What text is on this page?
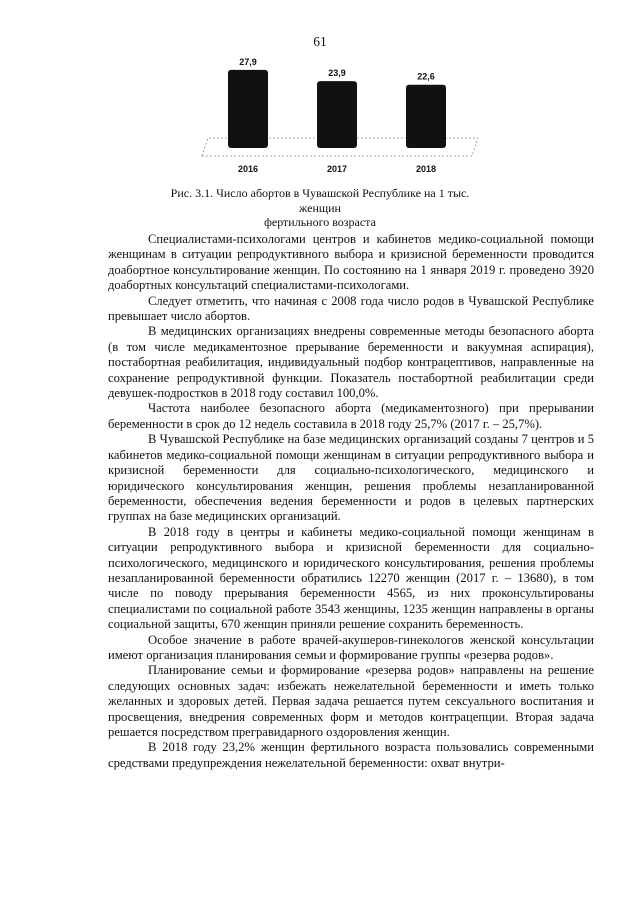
61
27,9
23,9	22,6
2016	2017	2018
Рис. 3.1. Число абортов в Чувашской Республике на 1 тыс. женщин
фертильного возраста

Специалистами-психологами центров и кабинетов медико-социальной помощи женщинам в ситуации репродуктивного выбора и кризисной беременности проводится доабортное консультирование женщин. По состоянию на 1 января 2019 г. проведено 3920 доабортных консультаций специалистами-психологами.

Следует отметить, что начиная с 2008 года число родов в Чувашской Республике превышает число абортов.

В медицинских организациях внедрены современные методы безопасного аборта (в том числе медикаментозное прерывание беременности и вакуумная аспирация), постабортная реабилитация, индивидуальный подбор контрацептивов, направленные на сохранение репродуктивной функции. Показатель постабортной реабилитации среди девушек-подростков в 2018 году составил 100,0%.

Частота наиболее безопасного аборта (медикаментозного) при прерывании беременности в срок до 12 недель составила в 2018 году 25,7% (2017 г. – 25,7%).

В Чувашской Республике на базе медицинских организаций созданы 7 центров и 5 кабинетов медико-социальной помощи женщинам в ситуации репродуктивного выбора и кризисной беременности для социально-психологического, медицинского и юридического консультирования женщин, решения проблемы незапланированной беременности, обеспечения ведения беременности и родов в целевых партнерских группах на базе медицинских организаций.

В 2018 году в центры и кабинеты медико-социальной помощи женщинам в ситуации репродуктивного выбора и кризисной беременности для социально-психологического, медицинского и юридического консультирования, решения проблемы незапланированной беременности обратились 12270 женщин (2017 г. – 13680), в том числе по поводу прерывания беременности 4565, из них проконсультированы специалистами по социальной работе 3543 женщины, 1235 женщин направлены в органы социальной защиты, 670 женщин приняли решение сохранить беременность.

Особое значение в работе врачей-акушеров-гинекологов женской консультации имеют организация планирования семьи и формирование группы «резерва родов».

Планирование семьи и формирование «резерва родов» направлены на решение следующих основных задач: избежать нежелательной беременности и иметь только желанных и здоровых детей. Первая задача решается путем сексуального воспитания и просвещения, внедрения современных форм и методов контрацепции. Вторая задача решается посредством прегравидарного оздоровления женщин.

В 2018 году 23,2% женщин фертильного возраста пользовались современными средствами предупреждения нежелательной беременности: охват внутри-
